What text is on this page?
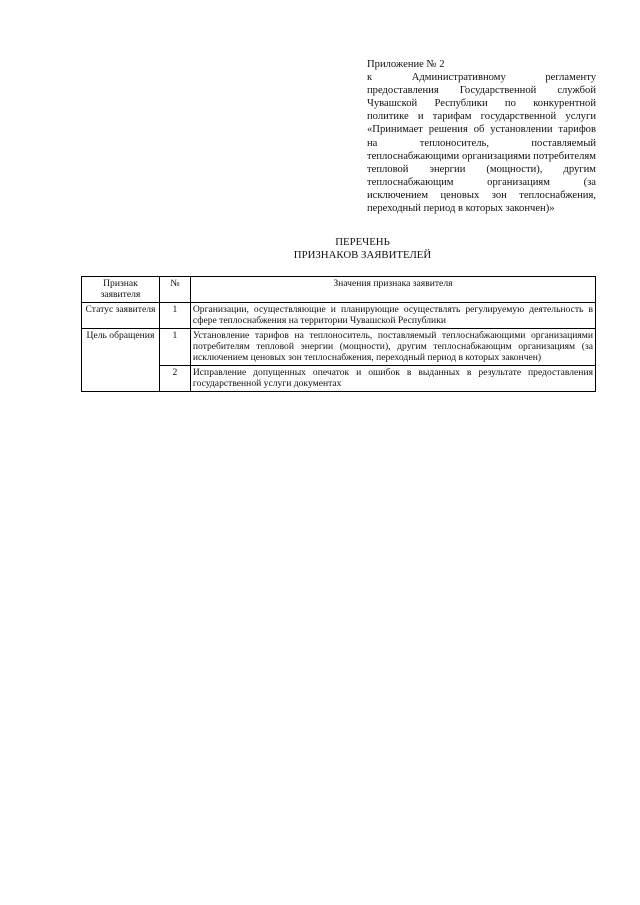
Приложение № 2

к Административному регламенту предоставления Государственной службой Чувашской Республики по конкурентной политике и тарифам государственной услуги «Принимает решения об установлении тарифов на теплоноситель, поставляемый теплоснабжающими организациями потребителям тепловой энергии (мощности), другим теплоснабжающим организациям (за исключением ценовых зон теплоснабжения, переходный период в которых закончен)»

ПЕРЕЧЕНЬ
ПРИЗНАКОВ ЗАЯВИТЕЛЕЙ
Признак заявителя	№	Значения признака заявителя
Статус заявителя	1	Организации, осуществляющие и планирующие осуществлять регулируемую деятельность в сфере теплоснабжения на территории Чувашской Республики
Цель обращения	1	Установление тарифов на теплоноситель, поставляемый теплоснабжающими организациями потребителям тепловой энергии (мощности), другим теплоснабжающим организациям (за исключением ценовых зон теплоснабжения, переходный период в которых закончен)
	2	Исправление допущенных опечаток и ошибок в выданных в результате предоставления государственной услуги документах
